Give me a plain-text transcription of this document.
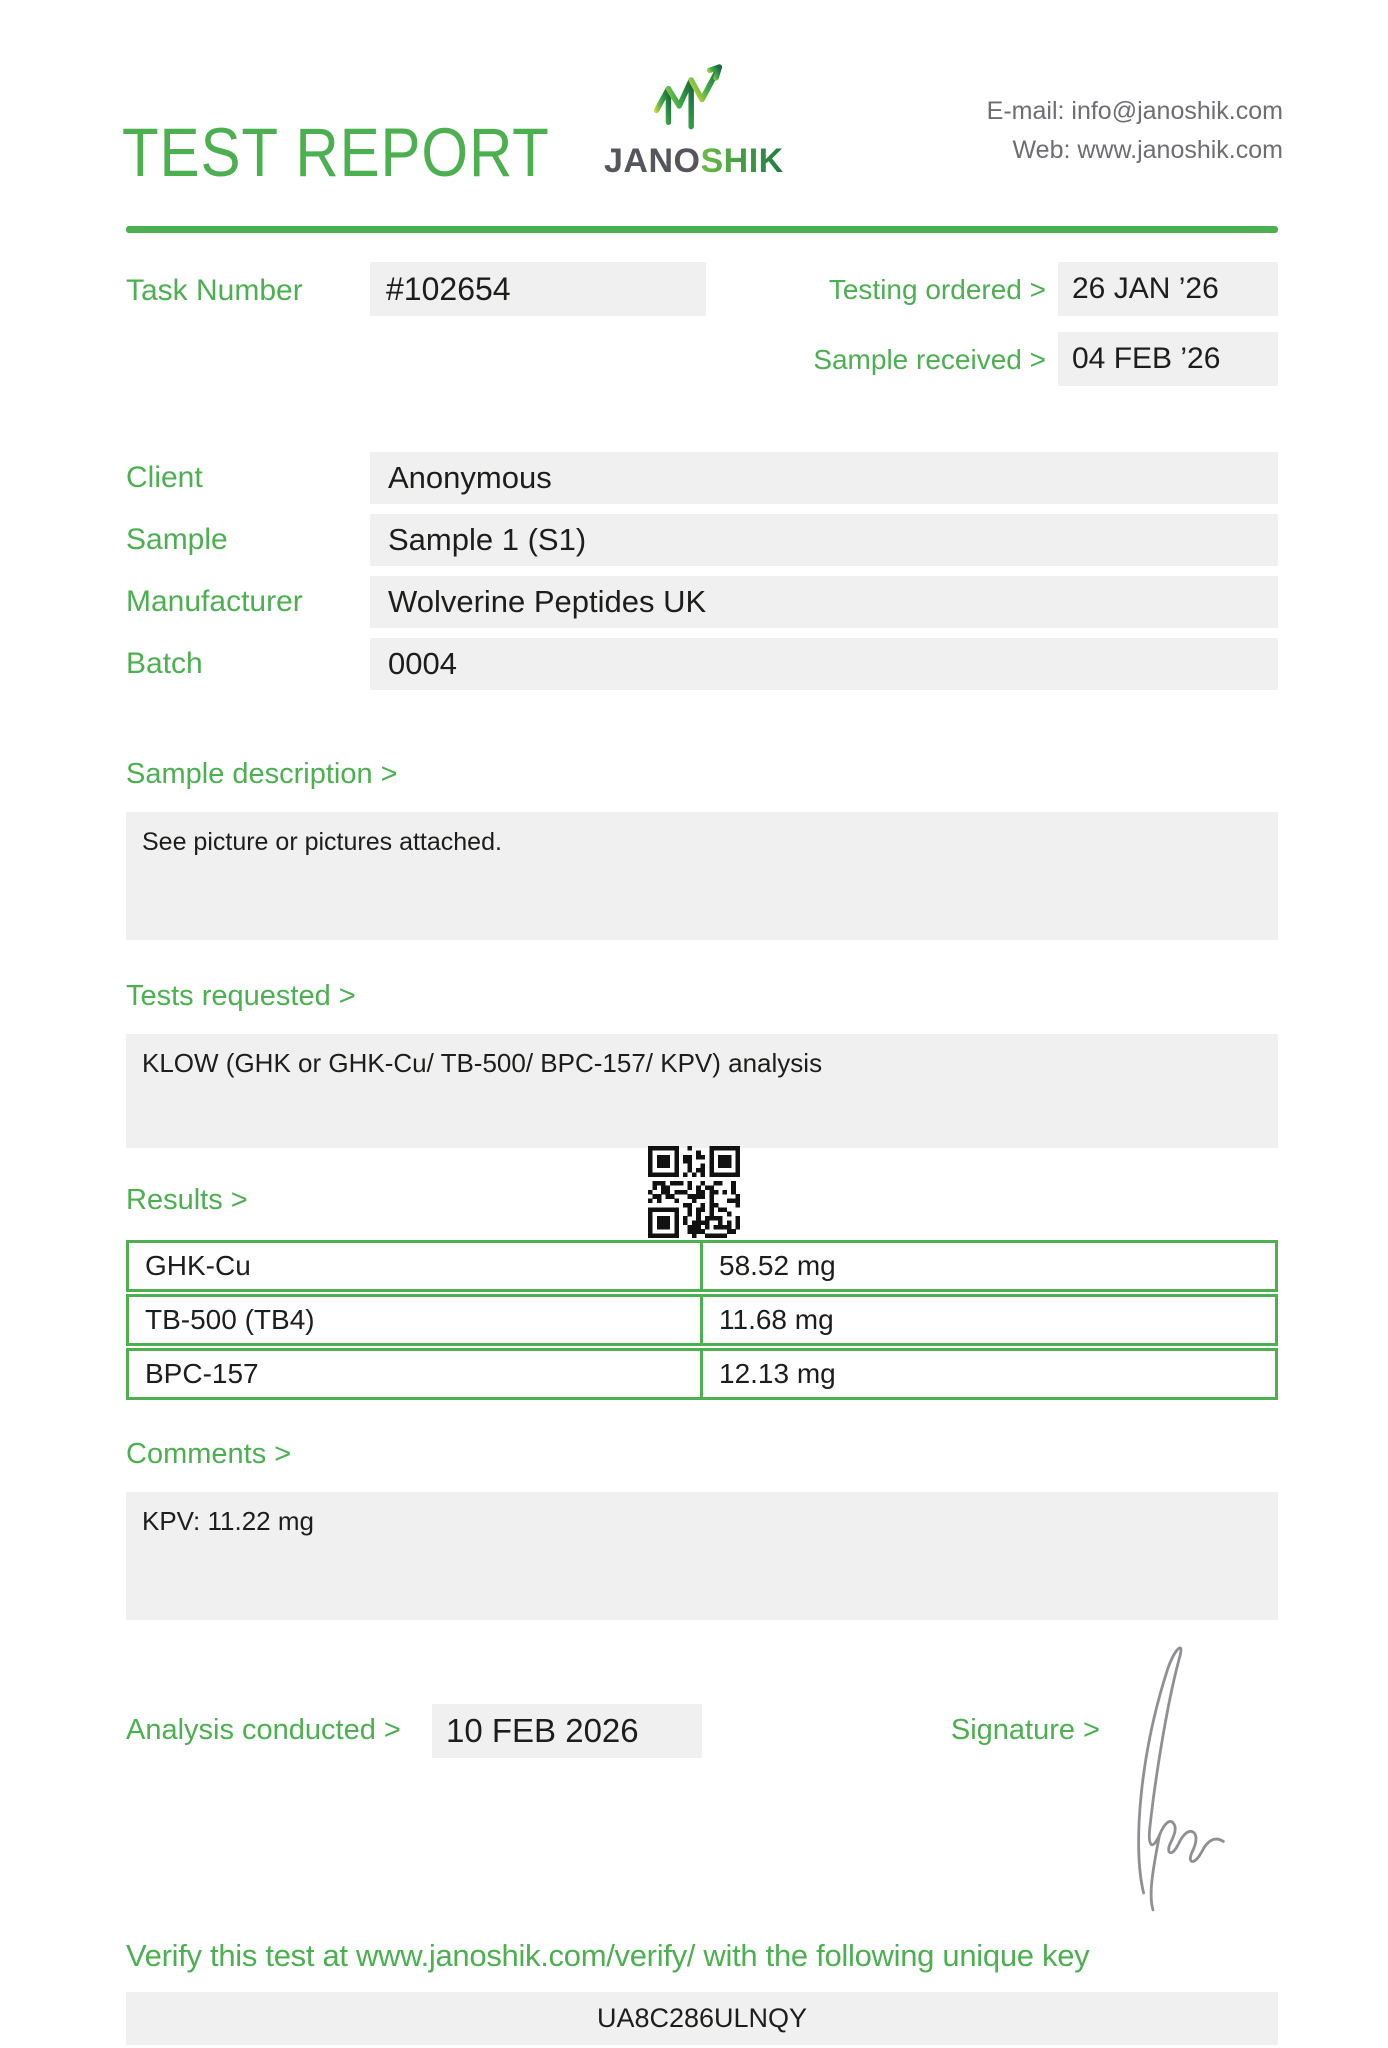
TEST REPORT JANOSHIK
E-mail: info@janoshik.com
Web: www.janoshik.com
Task Number	#102654	Testing ordered > 26 JAN ’26
Sample received > 04 FEB ’26
Client	Anonymous
Sample	Sample 1 (S1)
Manufacturer	Wolverine Peptides UK
Batch	0004
Sample description >
See picture or pictures attached.
Tests requested >
KLOW (GHK or GHK-Cu/ TB-500/ BPC-157/ KPV) analysis
Results >
GHK-Cu	58.52 mg
TB-500 (TB4)	11.68 mg
BPC-157	12.13 mg
Comments >
KPV: 11.22 mg
Analysis conducted >	10 FEB 2026	Signature >
Verify this test at www.janoshik.com/verify/ with the following unique key
UA8C286ULNQY
